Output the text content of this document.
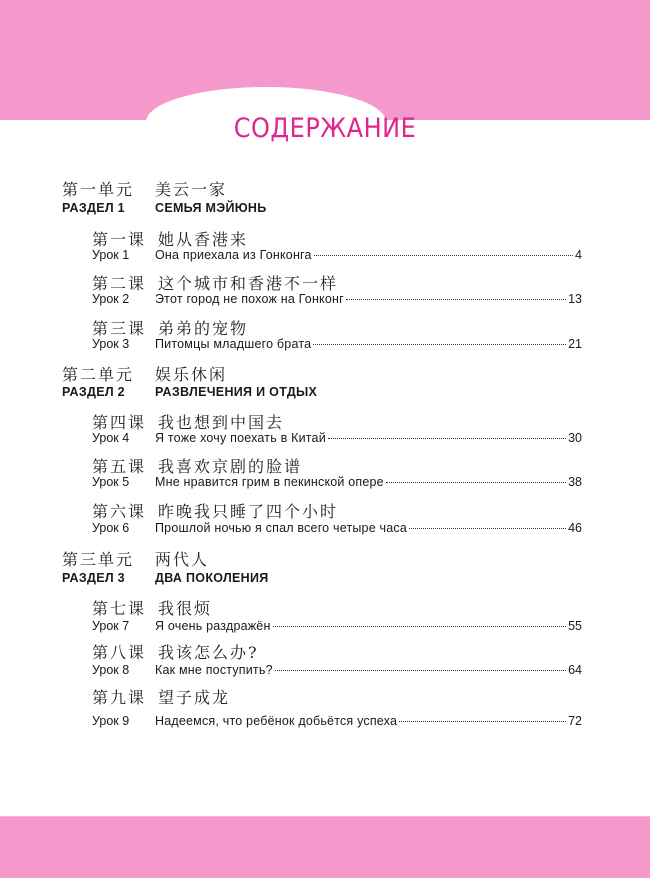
СОДЕРЖАНИЕ
第一单元 美云一家
РАЗДЕЛ 1 СЕМЬЯ МЭЙЮНЬ
第一课 她从香港来
Урок 1	Она приехала из Гонконга	4
第二课 这个城市和香港不一样
Урок 2	Этот город не похож на Гонконг	13
第三课 弟弟的宠物
Урок 3	Питомцы младшего брата	21
第二单元 娱乐休闲
РАЗДЕЛ 2 РАЗВЛЕЧЕНИЯ И ОТДЫХ
第四课 我也想到中国去
Урок 4	Я тоже хочу поехать в Китай	30
第五课 我喜欢京剧的脸谱
Урок 5	Мне нравится грим в пекинской опере	38
第六课 昨晚我只睡了四个小时
Урок 6	Прошлой ночью я спал всего четыре часа	46
第三单元 两代人
РАЗДЕЛ 3 ДВА ПОКОЛЕНИЯ
第七课 我很烦
Урок 7	Я очень раздражён	55
第八课 我该怎么办?
Урок 8	Как мне поступить?	64
第九课 望子成龙
Урок 9	Надеемся, что ребёнок добьётся успеха	72
